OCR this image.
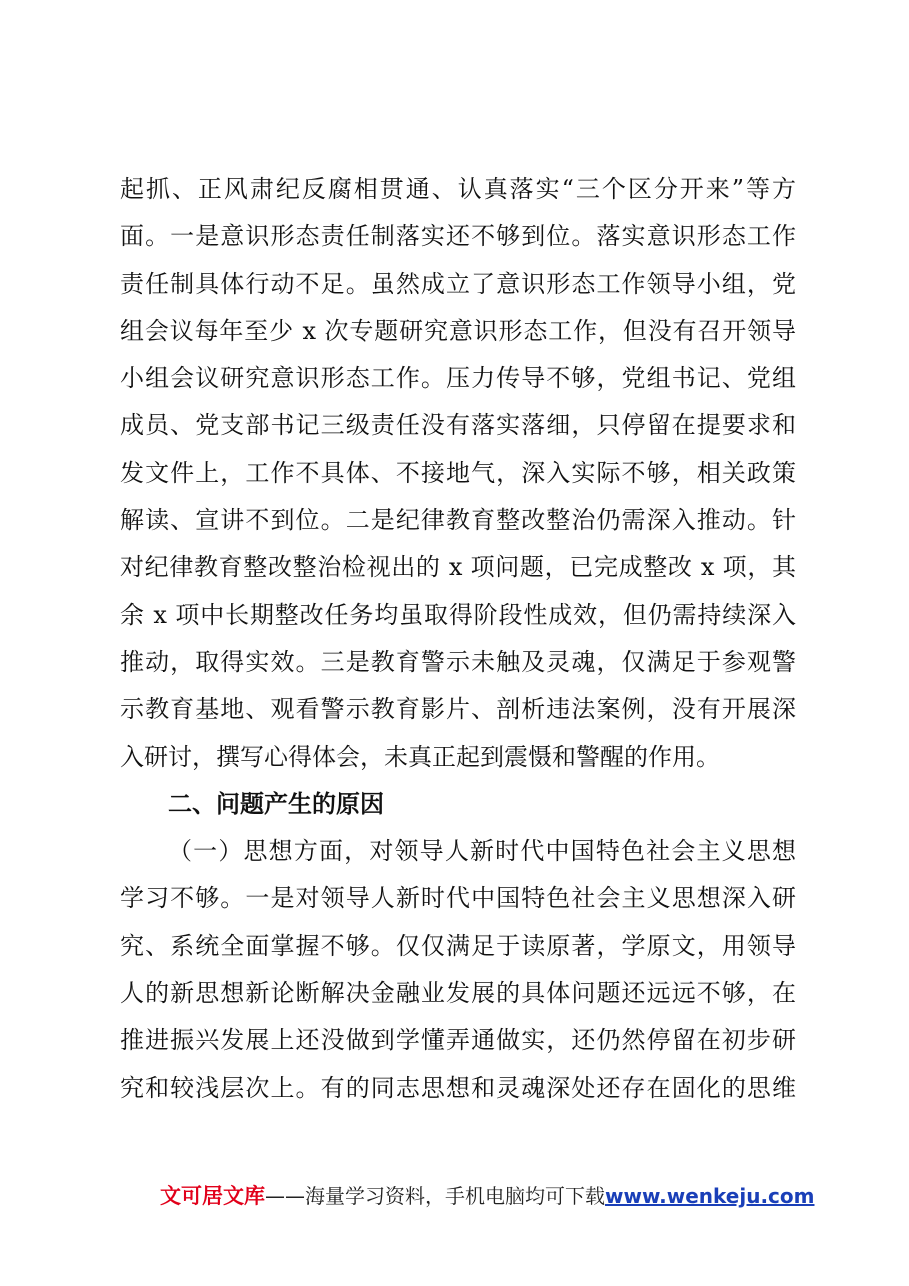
起抓、正风肃纪反腐相贯通、认真落实“三个区分开来”等方
面。一是意识形态责任制落实还不够到位。落实意识形态工作
责任制具体行动不足。虽然成立了意识形态工作领导小组，党
组会议每年至少 x 次专题研究意识形态工作，但没有召开领导
小组会议研究意识形态工作。压力传导不够，党组书记、党组
成员、党支部书记三级责任没有落实落细，只停留在提要求和
发文件上，工作不具体、不接地气，深入实际不够，相关政策
解读、宣讲不到位。二是纪律教育整改整治仍需深入推动。针
对纪律教育整改整治检视出的 x 项问题，已完成整改 x 项，其
余 x 项中长期整改任务均虽取得阶段性成效，但仍需持续深入
推动，取得实效。三是教育警示未触及灵魂，仅满足于参观警
示教育基地、观看警示教育影片、剖析违法案例，没有开展深
入研讨，撰写心得体会，未真正起到震慑和警醒的作用。
二、问题产生的原因
（一）思想方面，对领导人新时代中国特色社会主义思想
学习不够。一是对领导人新时代中国特色社会主义思想深入研
究、系统全面掌握不够。仅仅满足于读原著，学原文，用领导
人的新思想新论断解决金融业发展的具体问题还远远不够，在
推进振兴发展上还没做到学懂弄通做实，还仍然停留在初步研
究和较浅层次上。有的同志思想和灵魂深处还存在固化的思维
文可居文库——海量学习资料，手机电脑均可下载www.wenkeju.com
